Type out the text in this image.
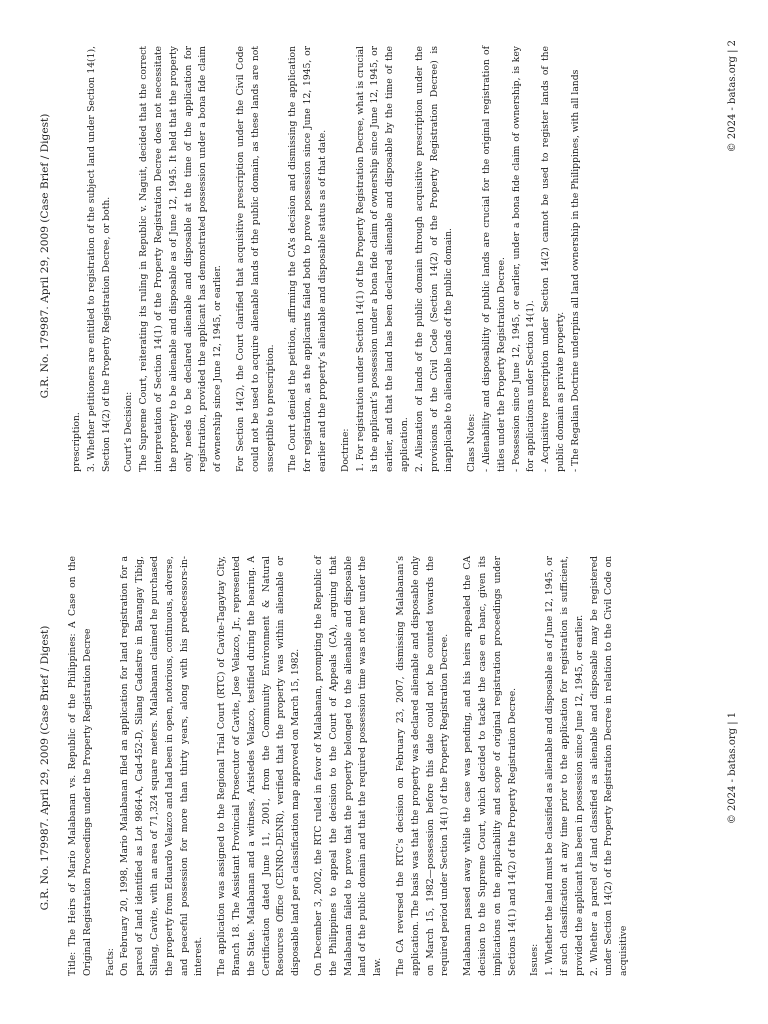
G.R. No. 179987. April 29, 2009 (Case Brief / Digest) Title: The Heirs of Mario Malabanan vs. Republic of the Philippines: A Case on the Original Registration Proceedings under the Property Registration Decree	Facts: On February 20, 1998, Mario Malabanan filed an application for land registration for a parcel of land identified as Lot 9864-A, Cad-452-D, Silang Cadastre in Barangay Tibig, Silang, Cavite, with an area of 71,324 square meters. Malabanan claimed he purchased the property from Eduardo Velazco and had been in open, notorious, continuous, adverse, and peaceful possession for more than thirty years, along with his predecessors-in-interest.	The application was assigned to the Regional Trial Court (RTC) of Cavite-Tagaytay City, Branch 18. The Assistant Provincial Prosecutor of Cavite, Jose Velazco, Jr., represented the State. Malabanan and a witness, Aristedes Velazco, testified during the hearing. A Certification dated June 11, 2001, from the Community Environment & Natural Resources Office (CENRO-DENR), verified that the property was within alienable or disposable land per a classification map approved on March 15, 1982.	On December 3, 2002, the RTC ruled in favor of Malabanan, prompting the Republic of the Philippines to appeal the decision to the Court of Appeals (CA), arguing that Malabanan failed to prove that the property belonged to the alienable and disposable land of the public domain and that the required possession time was not met under the law.	The CA reversed the RTC’s decision on February 23, 2007, dismissing Malabanan’s application. The basis was that the property was declared alienable and disposable only on March 15, 1982—possession before this date could not be counted towards the required period under Section 14(1) of the Property Registration Decree.	Malabanan passed away while the case was pending, and his heirs appealed the CA decision to the Supreme Court, which decided to tackle the case en banc, given its implications on the applicability and scope of original registration proceedings under Sections 14(1) and 14(2) of the Property Registration Decree.	Issues: 1. Whether the land must be classified as alienable and disposable as of June 12, 1945, or if such classification at any time prior to the application for registration is sufficient, provided the applicant has been in possession since June 12, 1945, or earlier. 2. Whether a parcel of land classified as alienable and disposable may be registered under Section 14(2) of the Property Registration Decree in relation to the Civil Code on acquisitive
© 2024 - batas.org | 1
G.R. No. 179987. April 29, 2009 (Case Brief / Digest)
prescription. 3. Whether petitioners are entitled to registration of the subject land under Section 14(1), Section 14(2) of the Property Registration Decree, or both.	Court’s Decision: The Supreme Court, reiterating its ruling in Republic v. Naguit, decided that the correct interpretation of Section 14(1) of the Property Registration Decree does not necessitate the property to be alienable and disposable as of June 12, 1945. It held that the property only needs to be declared alienable and disposable at the time of the application for registration, provided the applicant has demonstrated possession under a bona fide claim of ownership since June 12, 1945, or earlier.	For Section 14(2), the Court clarified that acquisitive prescription under the Civil Code could not be used to acquire alienable lands of the public domain, as these lands are not susceptible to prescription.	The Court denied the petition, affirming the CA’s decision and dismissing the application for registration, as the applicants failed both to prove possession since June 12, 1945, or earlier and the property’s alienable and disposable status as of that date.	Doctrine: 1. For registration under Section 14(1) of the Property Registration Decree, what is crucial is the applicant’s possession under a bona fide claim of ownership since June 12, 1945, or earlier, and that the land has been declared alienable and disposable by the time of the application. 2. Alienation of lands of the public domain through acquisitive prescription under the provisions of the Civil Code (Section 14(2) of the Property Registration Decree) is inapplicable to alienable lands of the public domain.	Class Notes: - Alienability and disposability of public lands are crucial for the original registration of titles under the Property Registration Decree. - Possession since June 12, 1945, or earlier, under a bona fide claim of ownership, is key for applications under Section 14(1). - Acquisitive prescription under Section 14(2) cannot be used to register lands of the public domain as private property. - The Regalian Doctrine underpins all land ownership in the Philippines, with all lands	© 2024 - batas.org | 2
